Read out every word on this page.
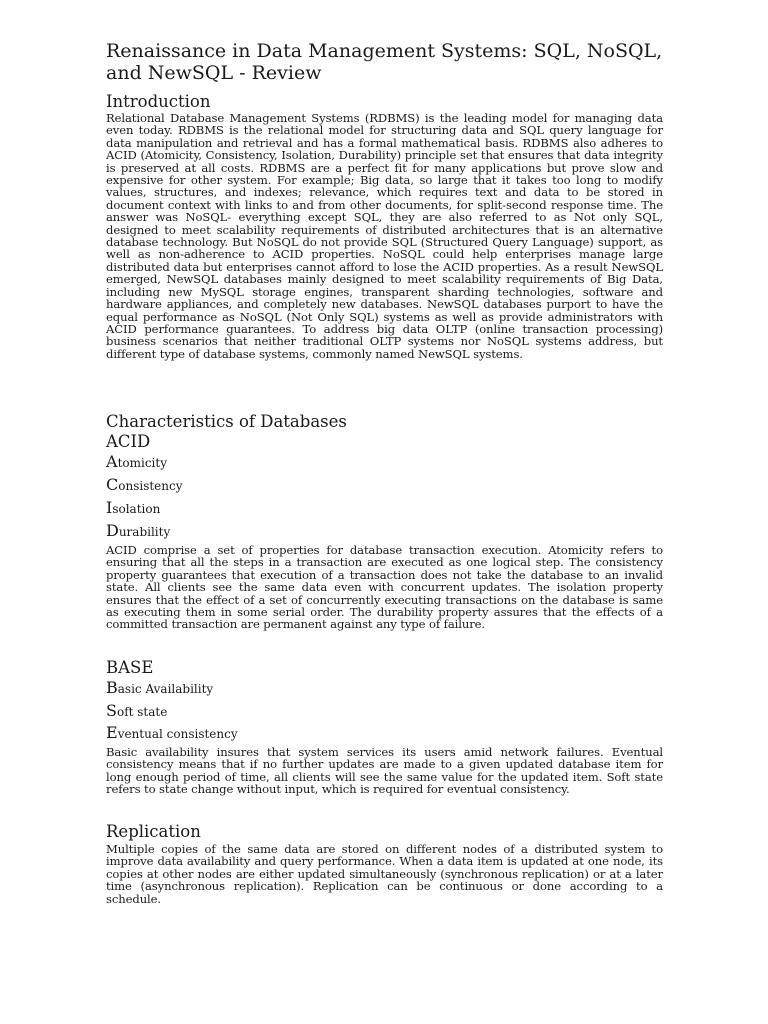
Renaissance in Data Management Systems: SQL, NoSQL, and NewSQL - Review
Introduction

Relational Database Management Systems (RDBMS) is the leading model for managing data even today. RDBMS is the relational model for structuring data and SQL query language for data manipulation and retrieval and has a formal mathematical basis. RDBMS also adheres to ACID (Atomicity, Consistency, Isolation, Durability) principle set that ensures that data integrity is preserved at all costs. RDBMS are a perfect fit for many applications but prove slow and expensive for other system. For example; Big data, so large that it takes too long to modify values, structures, and indexes; relevance, which requires text and data to be stored in document context with links to and from other documents, for split-second response time. The answer was NoSQL- everything except SQL, they are also referred to as Not only SQL, designed to meet scalability requirements of distributed architectures that is an alternative database technology. But NoSQL do not provide SQL (Structured Query Language) support, as well as non-adherence to ACID properties. NoSQL could help enterprises manage large distributed data but enterprises cannot afford to lose the ACID properties. As a result NewSQL emerged, NewSQL databases mainly designed to meet scalability requirements of Big Data, including new MySQL storage engines, transparent sharding technologies, software and hardware appliances, and completely new databases. NewSQL databases purport to have the equal performance as NoSQL (Not Only SQL) systems as well as provide administrators with ACID performance guarantees. To address big data OLTP (online transaction processing) business scenarios that neither traditional OLTP systems nor NoSQL systems address, but different type of database systems, commonly named NewSQL systems.

Characteristics of Databases
ACID

Atomicity

Consistency

Isolation

Durability

ACID comprise a set of properties for database transaction execution. Atomicity refers to ensuring that all the steps in a transaction are executed as one logical step. The consistency property guarantees that execution of a transaction does not take the database to an invalid state. All clients see the same data even with concurrent updates. The isolation property ensures that the effect of a set of concurrently executing transactions on the database is same as executing them in some serial order. The durability property assures that the effects of a committed transaction are permanent against any type of failure.

BASE

Basic Availability

Soft state

Eventual consistency

Basic availability insures that system services its users amid network failures. Eventual consistency means that if no further updates are made to a given updated database item for long enough period of time, all clients will see the same value for the updated item. Soft state refers to state change without input, which is required for eventual consistency.

Replication

Multiple copies of the same data are stored on different nodes of a distributed system to improve data availability and query performance. When a data item is updated at one node, its copies at other nodes are either updated simultaneously (synchronous replication) or at a later time (asynchronous replication). Replication can be continuous or done according to a schedule.
